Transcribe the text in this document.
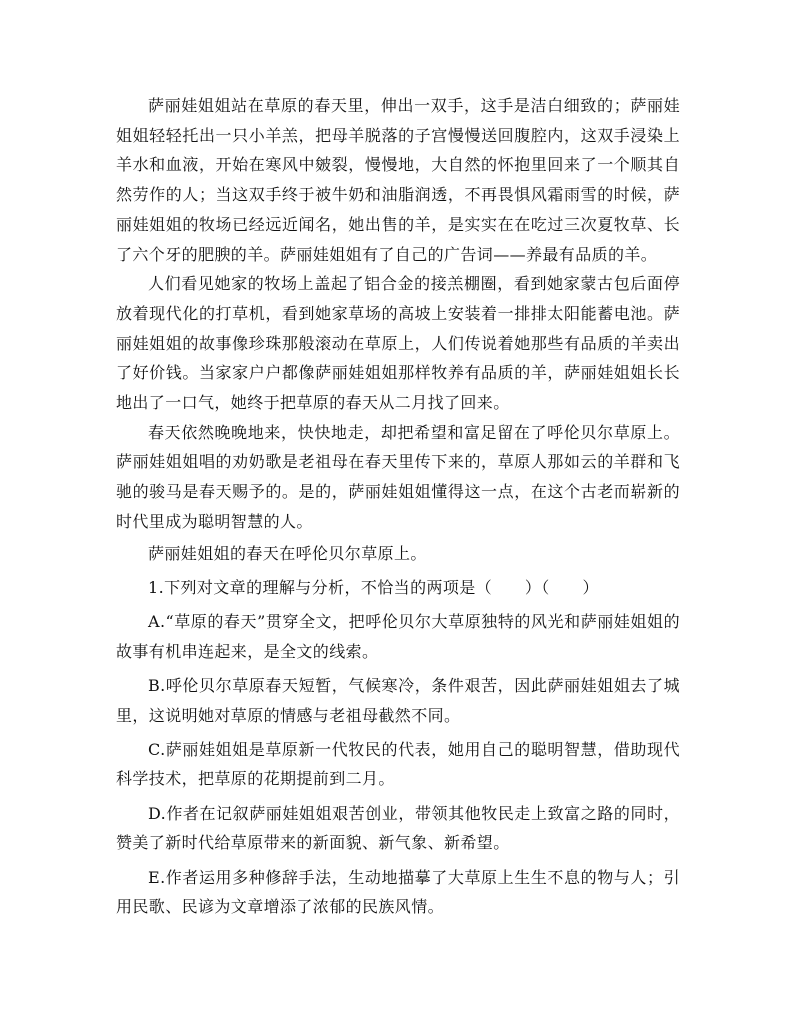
萨丽娃姐姐站在草原的春天里，伸出一双手，这手是洁白细致的；萨丽娃姐姐轻轻托出一只小羊羔，把母羊脱落的子宫慢慢送回腹腔内，这双手浸染上羊水和血液，开始在寒风中皴裂，慢慢地，大自然的怀抱里回来了一个顺其自然劳作的人；当这双手终于被牛奶和油脂润透，不再畏惧风霜雨雪的时候，萨丽娃姐姐的牧场已经远近闻名，她出售的羊，是实实在在吃过三次夏牧草、长了六个牙的肥腴的羊。萨丽娃姐姐有了自己的广告词——养最有品质的羊。

人们看见她家的牧场上盖起了铝合金的接羔棚圈，看到她家蒙古包后面停放着现代化的打草机，看到她家草场的高坡上安装着一排排太阳能蓄电池。萨丽娃姐姐的故事像珍珠那般滚动在草原上，人们传说着她那些有品质的羊卖出了好价钱。当家家户户都像萨丽娃姐姐那样牧养有品质的羊，萨丽娃姐姐长长地出了一口气，她终于把草原的春天从二月找了回来。

春天依然晚晚地来，快快地走，却把希望和富足留在了呼伦贝尔草原上。萨丽娃姐姐唱的劝奶歌是老祖母在春天里传下来的，草原人那如云的羊群和飞驰的骏马是春天赐予的。是的，萨丽娃姐姐懂得这一点，在这个古老而崭新的时代里成为聪明智慧的人。

萨丽娃姐姐的春天在呼伦贝尔草原上。

1.下列对文章的理解与分析，不恰当的两项是（　　）（　　）

A.“草原的春天”贯穿全文，把呼伦贝尔大草原独特的风光和萨丽娃姐姐的故事有机串连起来，是全文的线索。

B.呼伦贝尔草原春天短暂，气候寒冷，条件艰苦，因此萨丽娃姐姐去了城里，这说明她对草原的情感与老祖母截然不同。

C.萨丽娃姐姐是草原新一代牧民的代表，她用自己的聪明智慧，借助现代科学技术，把草原的花期提前到二月。

D.作者在记叙萨丽娃姐姐艰苦创业，带领其他牧民走上致富之路的同时，赞美了新时代给草原带来的新面貌、新气象、新希望。

E.作者运用多种修辞手法，生动地描摹了大草原上生生不息的物与人；引用民歌、民谚为文章增添了浓郁的民族风情。
